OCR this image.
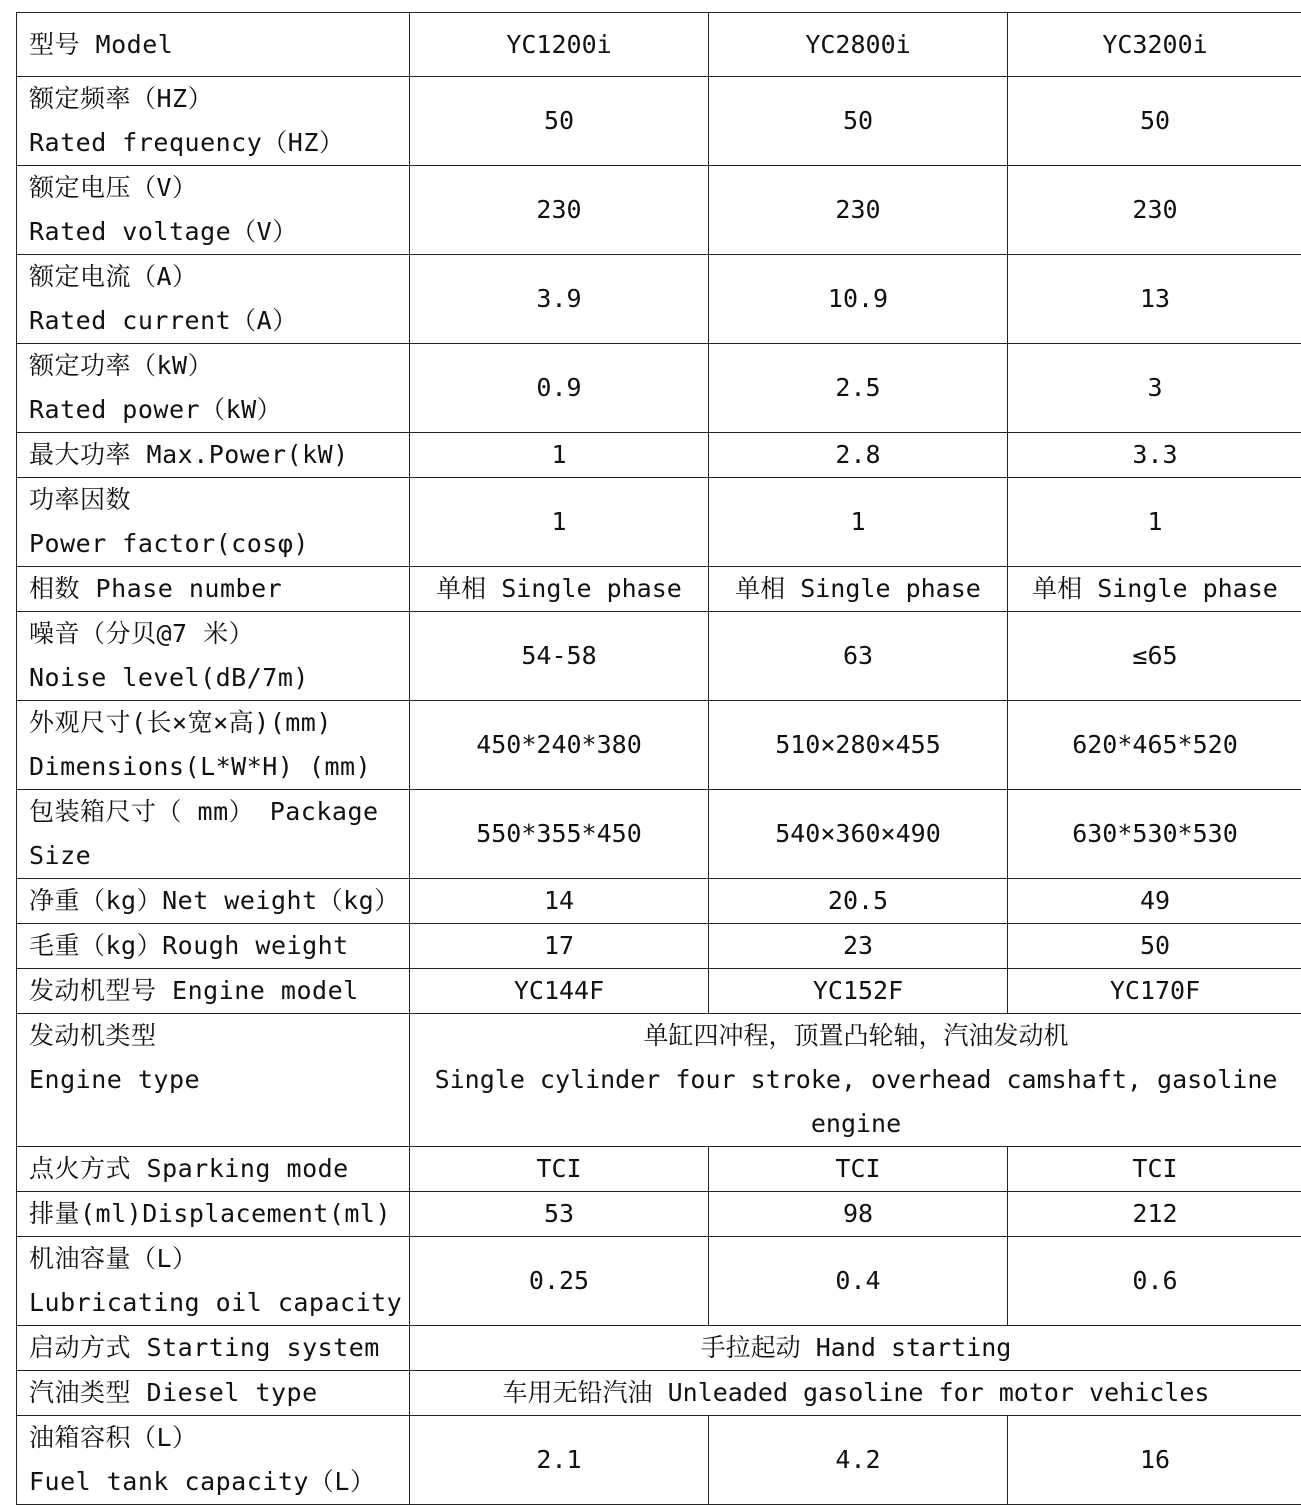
型号 Model	YC1200i	YC2800i	YC3200i

额定频率（HZ）
Rated frequency（HZ）	50	50	50

额定电压（V）
Rated voltage（V）	230	230	230

额定电流（A）
Rated current（A）	3.9	10.9	13

额定功率（kW）
Rated power（kW）	0.9	2.5	3
最大功率 Max.Power(kW)	1	2.8	3.3

功率因数
Power factor(cosφ)	1	1	1
相数 Phase number	单相 Single phase	单相 Single phase	单相 Single phase

噪音（分贝@7 米）
Noise level(dB/7m)	54-58	63	≤65

外观尺寸(长×宽×高)(mm)
Dimensions(L*W*H) (mm)	450*240*380	510×280×455	620*465*520

包装箱尺寸（ mm） Package
Size	550*355*450	540×360×490	630*530*530
净重（kg）Net weight（kg）	14	20.5	49
毛重（kg）Rough weight	17	23	50
发动机型号 Engine model	YC144F	YC152F	YC170F

发动机类型
Engine type	单缸四冲程，顶置凸轮轴，汽油发动机
Single cylinder four stroke, overhead camshaft, gasoline engine		

点火方式 Sparking mode	TCI	TCI	TCI
排量(ml)Displacement(ml)	53	98	212

机油容量（L）
Lubricating oil capacity	0.25	0.4	0.6
启动方式 Starting system	手拉起动 Hand starting		
汽油类型 Diesel type	车用无铅汽油 Unleaded gasoline for motor vehicles		

油箱容积（L）
Fuel tank capacity（L）	2.1	4.2	16
